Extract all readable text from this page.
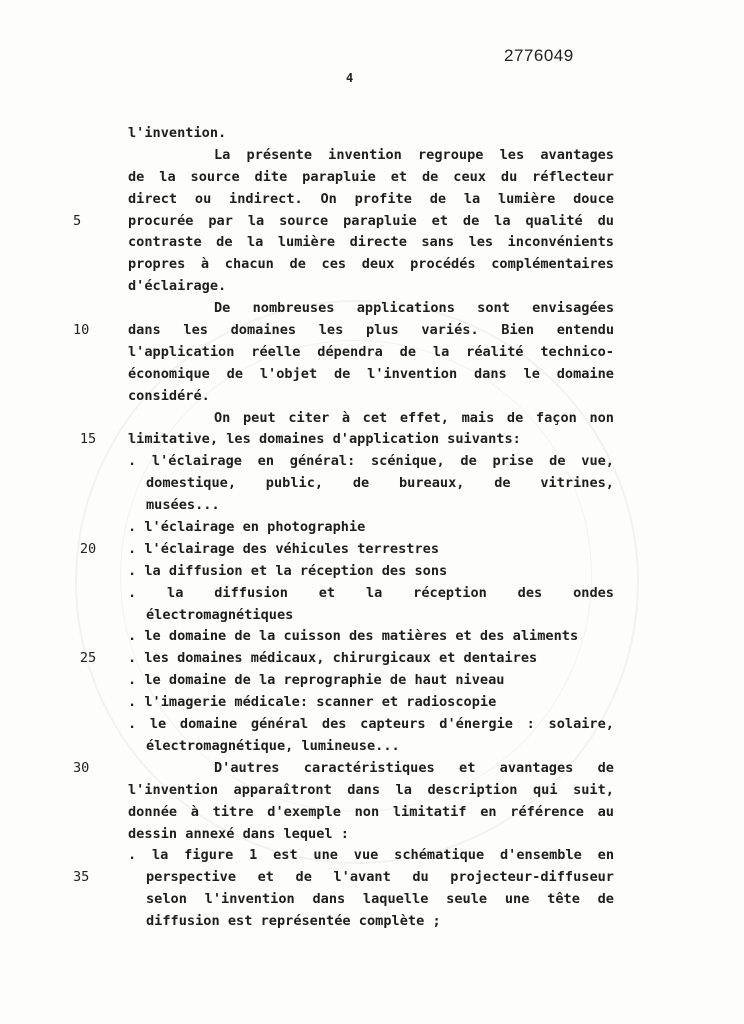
2776049
4
l'invention.
La présente invention regroupe les avantages
de la source dite parapluie et de ceux du réflecteur
direct ou indirect. On profite de la lumière douce
procurée par la source parapluie et de la qualité du
5
contraste de la lumière directe sans les inconvénients
propres à chacun de ces deux procédés complémentaires
d'éclairage.
De nombreuses applications sont envisagées
dans les domaines les plus variés. Bien entendu
10
l'application réelle dépendra de la réalité technico-
économique de l'objet de l'invention dans le domaine
considéré.
On peut citer à cet effet, mais de façon non
limitative, les domaines d'application suivants:
15
. l'éclairage en général: scénique, de prise de vue,
domestique, public, de bureaux, de vitrines,
musées...
. l'éclairage en photographie
. l'éclairage des véhicules terrestres
20
. la diffusion et la réception des sons
. la diffusion et la réception des ondes
électromagnétiques
. le domaine de la cuisson des matières et des aliments
. les domaines médicaux, chirurgicaux et dentaires
25
. le domaine de la reprographie de haut niveau
. l'imagerie médicale: scanner et radioscopie
. le domaine général des capteurs d'énergie : solaire,
électromagnétique, lumineuse...
D'autres caractéristiques et avantages de
30
l'invention apparaîtront dans la description qui suit,
donnée à titre d'exemple non limitatif en référence au
dessin annexé dans lequel :
. la figure 1 est une vue schématique d'ensemble en
perspective et de l'avant du projecteur-diffuseur
35
selon l'invention dans laquelle seule une tête de
diffusion est représentée complète ;
